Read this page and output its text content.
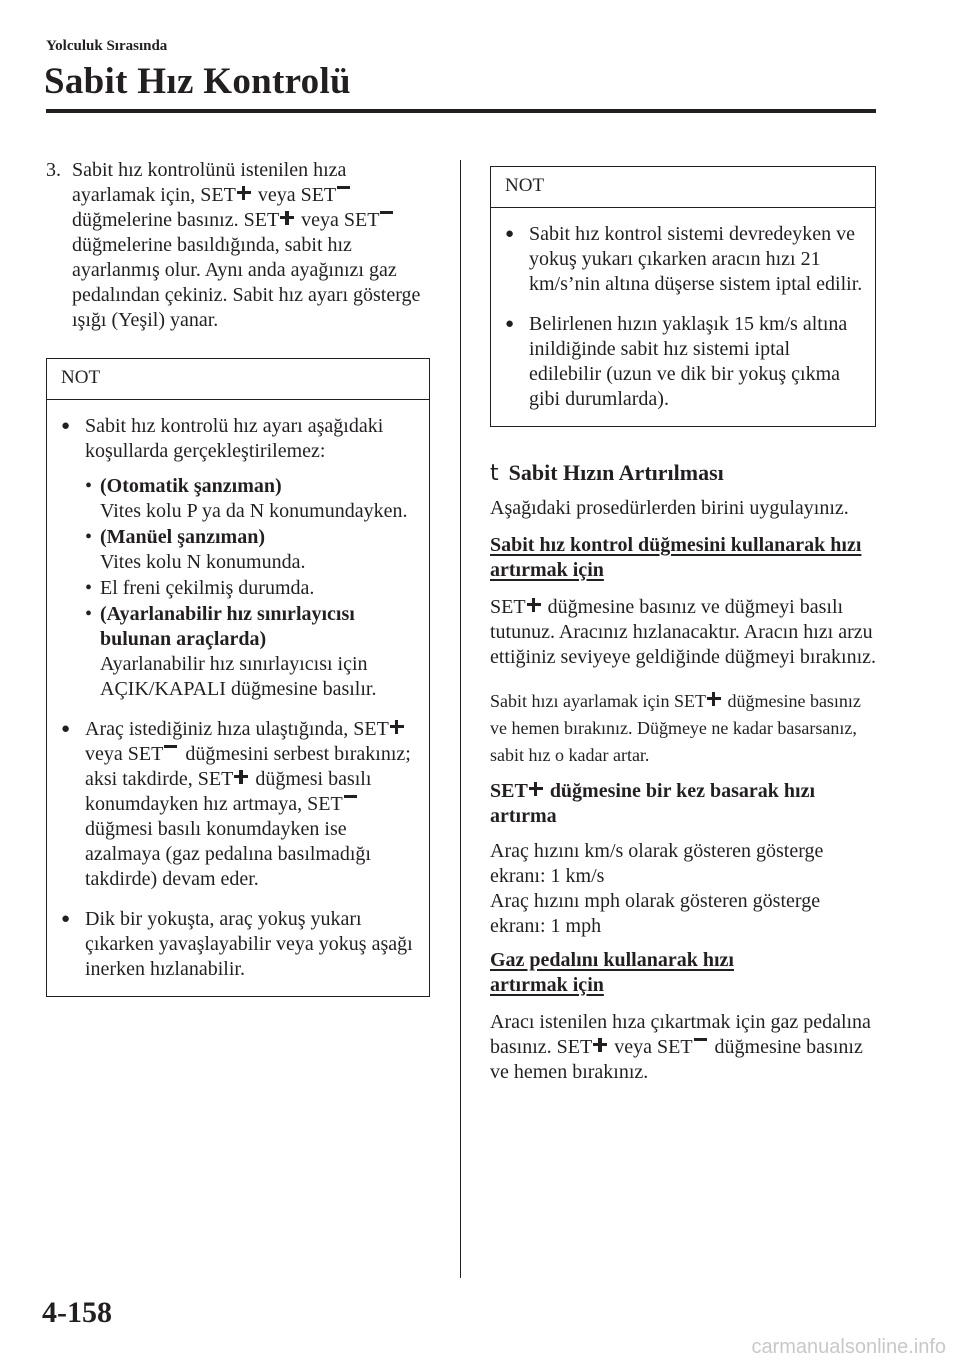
Yolculuk Sırasında
Sabit Hız Kontrolü

3. Sabit hız kontrolünü istenilen hıza ayarlamak için, SET veya SET düğmelerine basınız. SET veya SET düğmelerine basıldığında, sabit hız ayarlanmış olur. Aynı anda ayağınızı gaz pedalından çekiniz. Sabit hız ayarı gösterge ışığı (Yeşil) yanar.

NOT
● Sabit hız kontrolü hız ayarı aşağıdaki koşullarda gerçekleştirilemez:
• (Otomatik şanzıman)
Vites kolu P ya da N konumundayken.
• (Manüel şanzıman)
Vites kolu N konumunda.
• El freni çekilmiş durumda.
• (Ayarlanabilir hız sınırlayıcısı bulunan araçlarda)
Ayarlanabilir hız sınırlayıcısı için AÇIK/KAPALI düğmesine basılır.
● Araç istediğiniz hıza ulaştığında, SET veya SET düğmesini serbest bırakınız; aksi takdirde, SET düğmesi basılı konumdayken hız artmaya, SET düğmesi basılı konumdayken ise azalmaya (gaz pedalına basılmadığı takdirde) devam eder.
● Dik bir yokuşta, araç yokuş yukarı çıkarken yavaşlayabilir veya yokuş aşağı inerken hızlanabilir.
NOT
● Sabit hız kontrol sistemi devredeyken ve yokuş yukarı çıkarken aracın hızı 21 km/s’nin altına düşerse sistem iptal edilir.
● Belirlenen hızın yaklaşık 15 km/s altına inildiğinde sabit hız sistemi iptal edilebilir (uzun ve dik bir yokuş çıkma gibi durumlarda).
t Sabit Hızın Artırılması

Aşağıdaki prosedürlerden birini uygulayınız.

Sabit hız kontrol düğmesini kullanarak hızı artırmak için

SET düğmesine basınız ve düğmeyi basılı tutunuz. Aracınız hızlanacaktır. Aracın hızı arzu ettiğiniz seviyeye geldiğinde düğmeyi bırakınız.

Sabit hızı ayarlamak için SET düğmesine basınız ve hemen bırakınız. Düğmeye ne kadar basarsanız, sabit hız o kadar artar.

SET düğmesine bir kez basarak hızı artırma

Araç hızını km/s olarak gösteren gösterge ekranı: 1 km/s

Araç hızını mph olarak gösteren gösterge ekranı: 1 mph

Gaz pedalını kullanarak hızı artırmak için

Aracı istenilen hıza çıkartmak için gaz pedalına basınız. SET veya SET düğmesine basınız ve hemen bırakınız.

4-158
carmanualsonline.info
